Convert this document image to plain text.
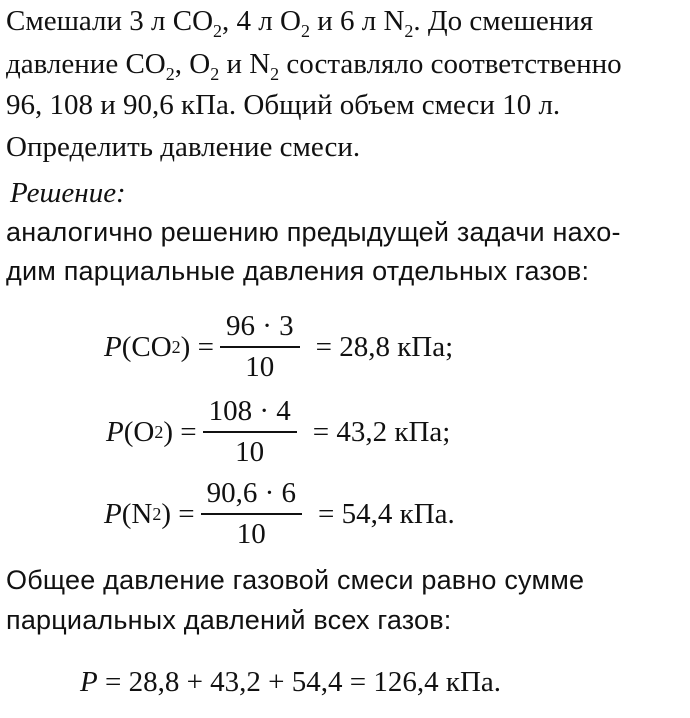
Смешали 3 л $СО_2$, 4 л $О_2$ и 6 л $N_2$. До смешения
давление $СО_2$, $О_2$ и $N_2$ составляло соответственно
96, 108 и 90,6 кПа. Общий объем смеси 10 л.
Определить давление смеси.
Решение:
аналогично решению предыдущей задачи нахо-
дим парциальные давления отдельных газов:
P (CO 2 ) = $\frac{96 \cdot 3}{10} = 28,8$ кПа;
P (O 2 ) = $\frac{108 \cdot 4}{10} = 43,2$ кПа;
P (N 2 ) = $\frac{90,6 \cdot 6}{10} = 54,4$ кПа.
Общее давление газовой смеси равно сумме
парциальных давлений всех газов:
P = 28,8 + 43,2 + 54,4 = 126,4 кПа.
